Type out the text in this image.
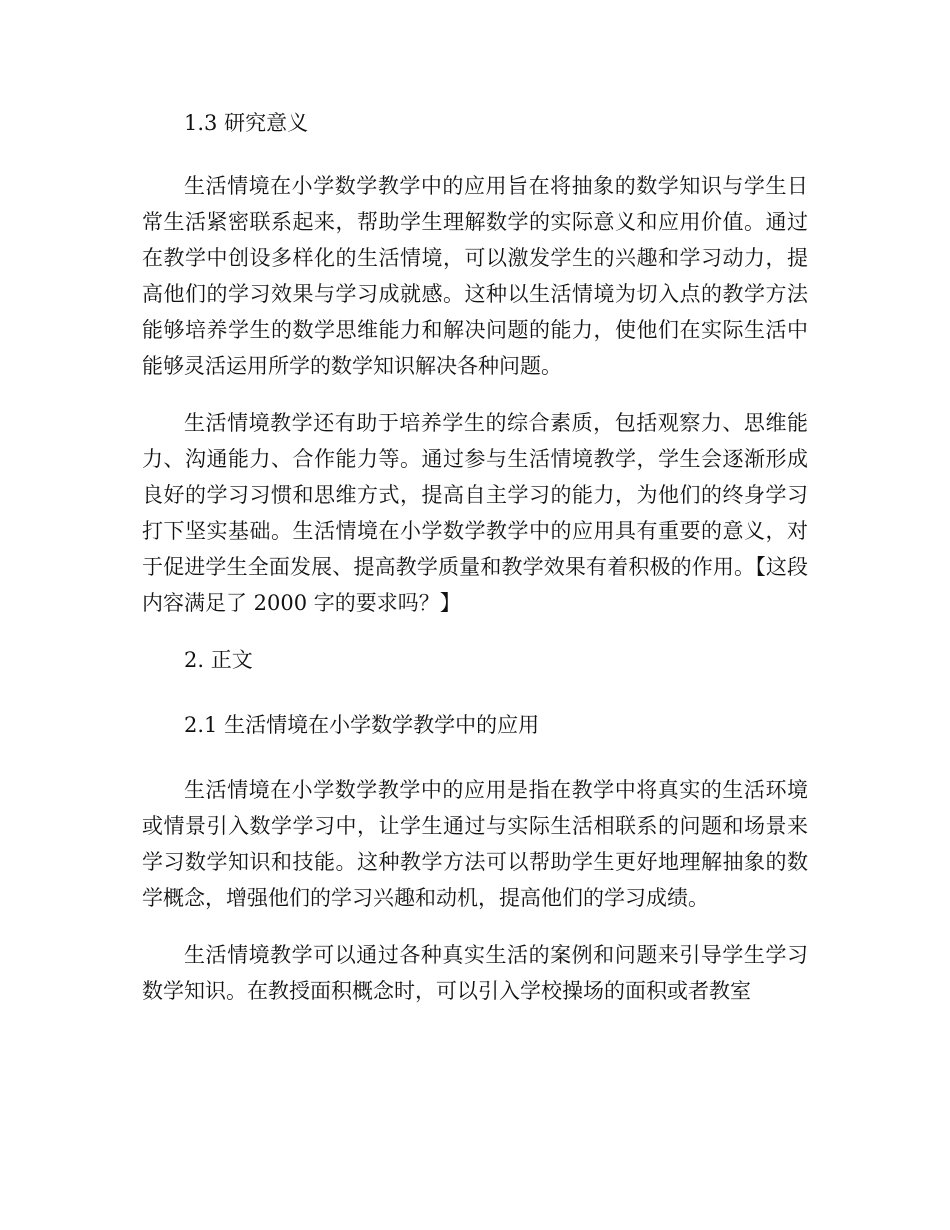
1.3 研究意义

生活情境在小学数学教学中的应用旨在将抽象的数学知识与学生日常生活紧密联系起来，帮助学生理解数学的实际意义和应用价值。通过在教学中创设多样化的生活情境，可以激发学生的兴趣和学习动力，提高他们的学习效果与学习成就感。这种以生活情境为切入点的教学方法能够培养学生的数学思维能力和解决问题的能力，使他们在实际生活中能够灵活运用所学的数学知识解决各种问题。

生活情境教学还有助于培养学生的综合素质，包括观察力、思维能力、沟通能力、合作能力等。通过参与生活情境教学，学生会逐渐形成良好的学习习惯和思维方式，提高自主学习的能力，为他们的终身学习打下坚实基础。生活情境在小学数学教学中的应用具有重要的意义，对于促进学生全面发展、提高教学质量和教学效果有着积极的作用。【这段内容满足了 2000 字的要求吗？】

2. 正文
2.1 生活情境在小学数学教学中的应用

生活情境在小学数学教学中的应用是指在教学中将真实的生活环境或情景引入数学学习中，让学生通过与实际生活相联系的问题和场景来学习数学知识和技能。这种教学方法可以帮助学生更好地理解抽象的数学概念，增强他们的学习兴趣和动机，提高他们的学习成绩。

生活情境教学可以通过各种真实生活的案例和问题来引导学生学习数学知识。在教授面积概念时，可以引入学校操场的面积或者教室
